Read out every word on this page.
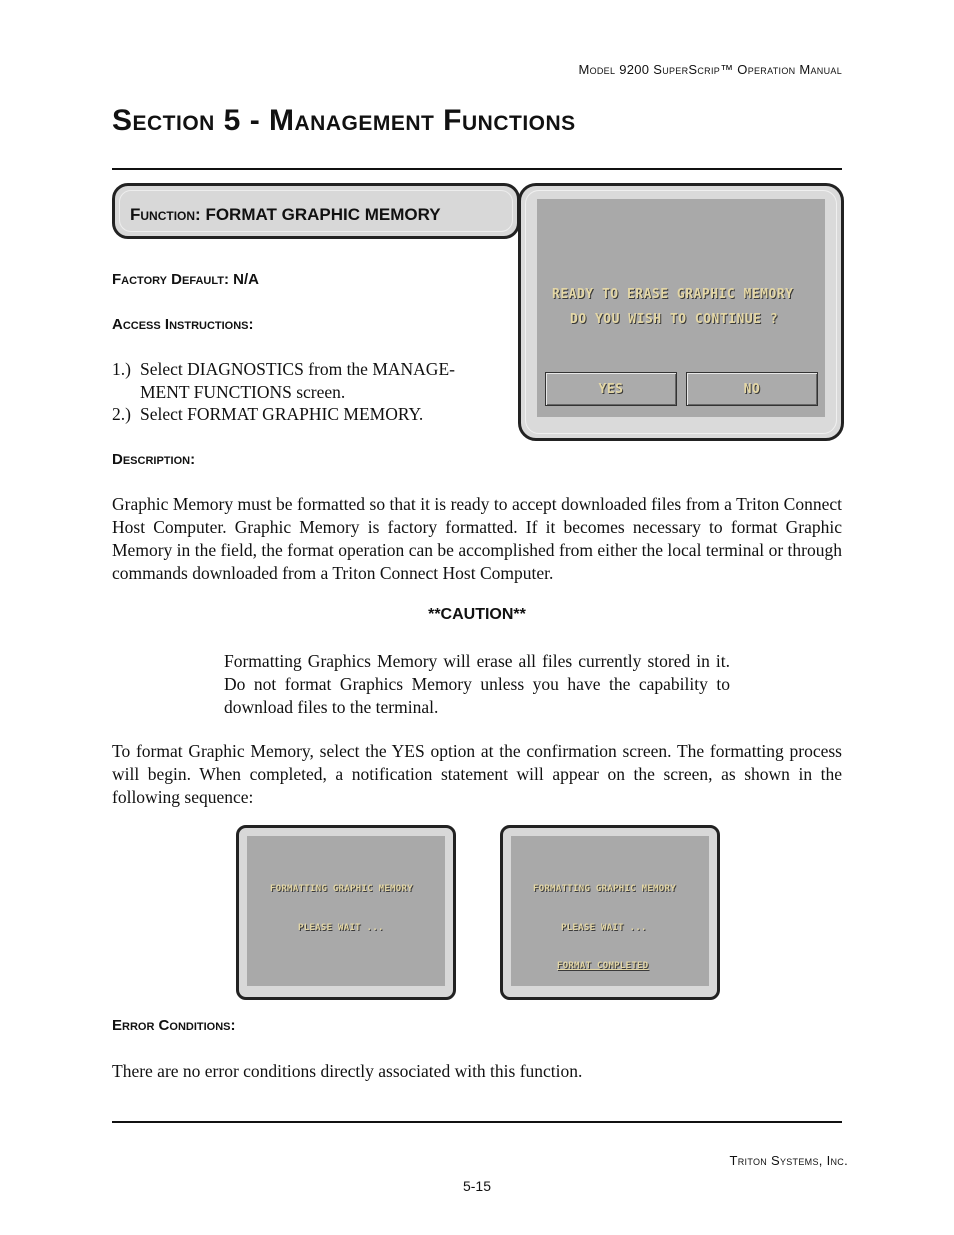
Model 9200 SuperScrip™ Operation Manual
Section 5 - Management Functions
Function: FORMAT GRAPHIC MEMORY
READY TO ERASE GRAPHIC MEMORY
DO YOU WISH TO CONTINUE ?
YES	NO
Factory Default: N/A
Access Instructions:
1.) Select DIAGNOSTICS from the MANAGE-
MENT FUNCTIONS screen.
2.) Select FORMAT GRAPHIC MEMORY.
Description:
Graphic Memory must be formatted so that it is ready to accept downloaded files from a Triton Connect Host Computer. Graphic Memory is factory formatted. If it becomes necessary to format Graphic Memory in the field, the format operation can be accomplished from either the local terminal or through commands downloaded from a Triton Connect Host Computer.
**CAUTION**
Formatting Graphics Memory will erase all files currently stored in it. Do not format Graphics Memory unless you have the capability to download files to the terminal.
To format Graphic Memory, select the YES option at the confirmation screen. The formatting process will begin. When completed, a notification statement will appear on the screen, as shown in the following sequence:
FORMATTING GRAPHIC MEMORY
PLEASE WAIT ...
FORMATTING GRAPHIC MEMORY
PLEASE WAIT ...
FORMAT COMPLETED
Error Conditions:
There are no error conditions directly associated with this function.
Triton Systems, Inc.
5-15
